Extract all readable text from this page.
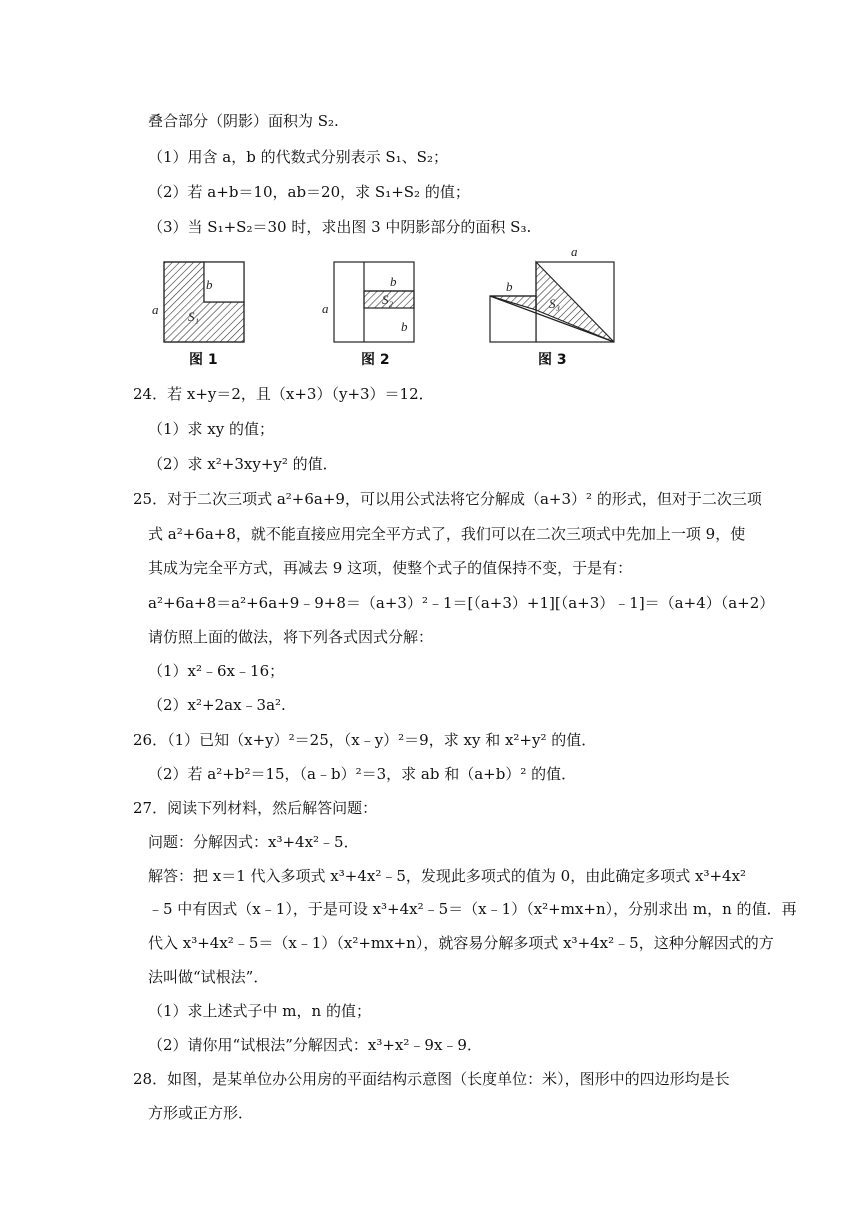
叠合部分（阴影）面积为 S₂.
（1）用含 a，b 的代数式分别表示 S₁、S₂；
（2）若 a+b＝10，ab＝20，求 S₁+S₂ 的值；
（3）当 S₁+S₂＝30 时，求出图 3 中阴影部分的面积 S₃.
a
b
S₁
图 1
a
b
b
S₂
图 2
a
b
S₃
图 3
24．若 x+y＝2，且（x+3）（y+3）＝12．
（1）求 xy 的值；
（2）求 x²+3xy+y² 的值．
25．对于二次三项式 a²+6a+9，可以用公式法将它分解成（a+3）² 的形式，但对于二次三项
式 a²+6a+8，就不能直接应用完全平方式了，我们可以在二次三项式中先加上一项 9，使
其成为完全平方式，再减去 9 这项，使整个式子的值保持不变，于是有：
a²+6a+8＝a²+6a+9﹣9+8＝（a+3）²﹣1＝[（a+3）+1][（a+3）﹣1]＝（a+4）（a+2）
请仿照上面的做法，将下列各式因式分解：
（1）x²﹣6x﹣16；
（2）x²+2ax﹣3a².
26．（1）已知（x+y）²＝25，（x﹣y）²＝9，求 xy 和 x²+y² 的值．
（2）若 a²+b²＝15，（a﹣b）²＝3，求 ab 和（a+b）² 的值．
27．阅读下列材料，然后解答问题：
问题：分解因式：x³+4x²﹣5．
解答：把 x＝1 代入多项式 x³+4x²﹣5，发现此多项式的值为 0，由此确定多项式 x³+4x²
﹣5 中有因式（x﹣1），于是可设 x³+4x²﹣5＝（x﹣1）（x²+mx+n），分别求出 m，n 的值．再
代入 x³+4x²﹣5＝（x﹣1）（x²+mx+n），就容易分解多项式 x³+4x²﹣5，这种分解因式的方
法叫做“试根法”．
（1）求上述式子中 m，n 的值；
（2）请你用“试根法”分解因式：x³+x²﹣9x﹣9．
28．如图，是某单位办公用房的平面结构示意图（长度单位：米），图形中的四边形均是长
方形或正方形．
